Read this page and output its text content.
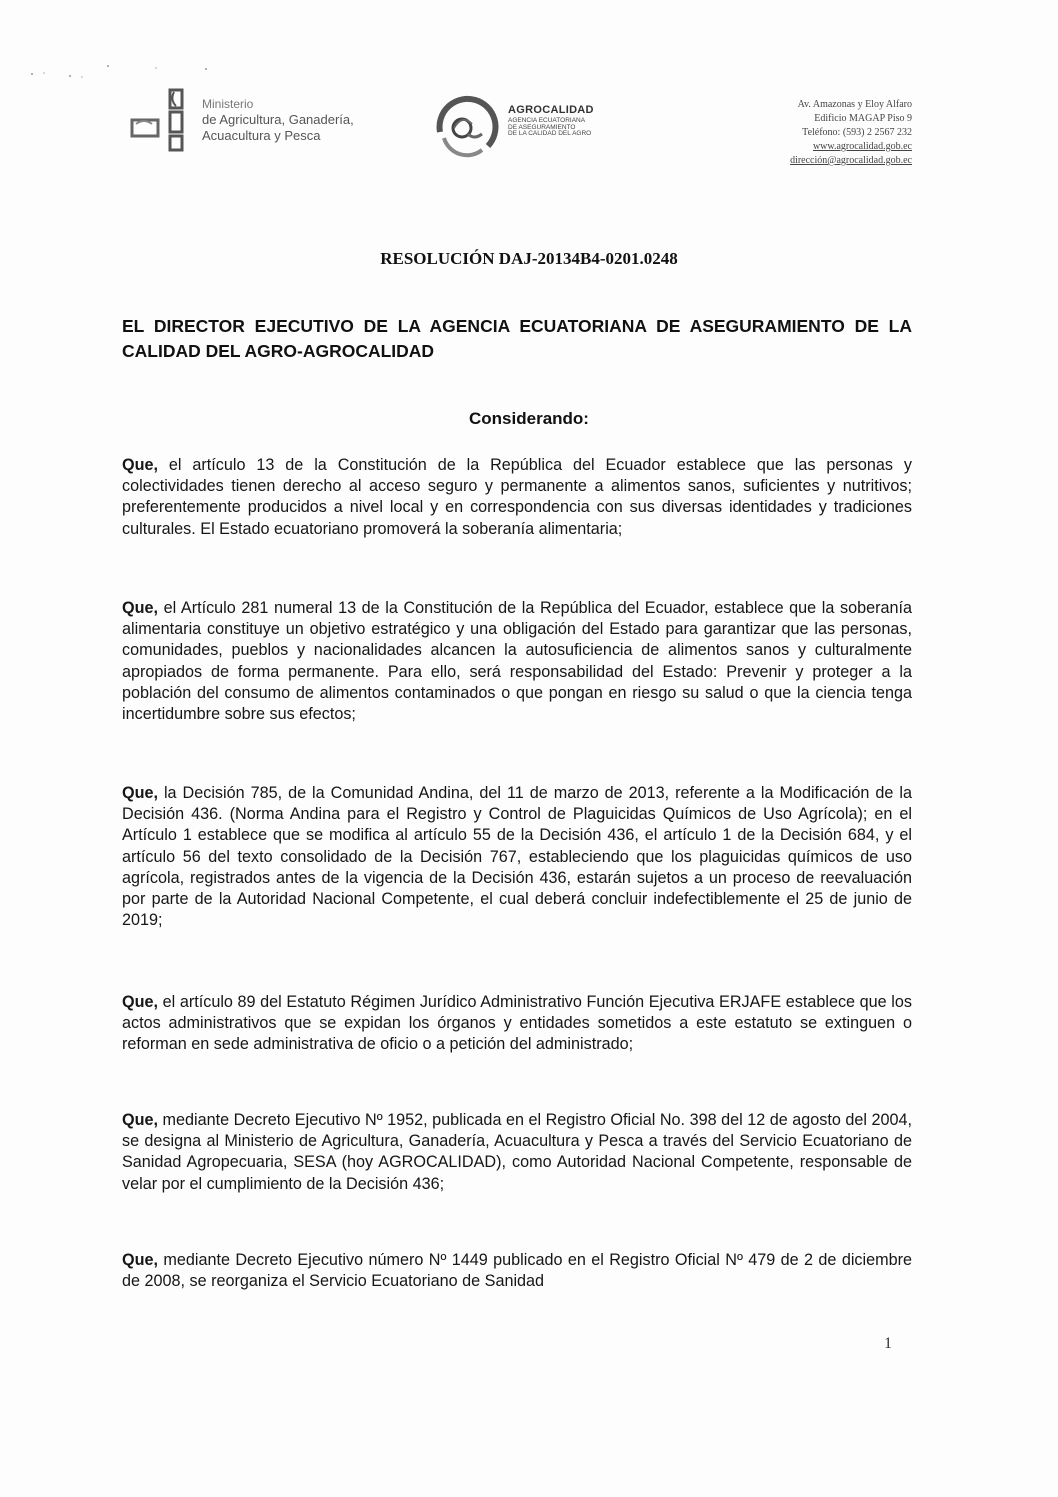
Ministerio
de Agricultura, Ganadería,
Acuacultura y Pesca
AGROCALIDAD
AGENCIA ECUATORIANA
DE ASEGURAMIENTO
DE LA CALIDAD DEL AGRO
Av. Amazonas y Eloy Alfaro
Edificio MAGAP Piso 9
Teléfono: (593) 2 2567 232
www.agrocalidad.gob.ec
dirección@agrocalidad.gob.ec
RESOLUCIÓN DAJ-20134B4-0201.0248
EL DIRECTOR EJECUTIVO DE LA AGENCIA ECUATORIANA DE ASEGURAMIENTO DE LA CALIDAD DEL AGRO-AGROCALIDAD
Considerando:
Que, el artículo 13 de la Constitución de la República del Ecuador establece que las personas y colectividades tienen derecho al acceso seguro y permanente a alimentos sanos, suficientes y nutritivos; preferentemente producidos a nivel local y en correspondencia con sus diversas identidades y tradiciones culturales. El Estado ecuatoriano promoverá la soberanía alimentaria;
Que, el Artículo 281 numeral 13 de la Constitución de la República del Ecuador, establece que la soberanía alimentaria constituye un objetivo estratégico y una obligación del Estado para garantizar que las personas, comunidades, pueblos y nacionalidades alcancen la autosuficiencia de alimentos sanos y culturalmente apropiados de forma permanente. Para ello, será responsabilidad del Estado: Prevenir y proteger a la población del consumo de alimentos contaminados o que pongan en riesgo su salud o que la ciencia tenga incertidumbre sobre sus efectos;
Que, la Decisión 785, de la Comunidad Andina, del 11 de marzo de 2013, referente a la Modificación de la Decisión 436. (Norma Andina para el Registro y Control de Plaguicidas Químicos de Uso Agrícola); en el Artículo 1 establece que se modifica al artículo 55 de la Decisión 436, el artículo 1 de la Decisión 684, y el artículo 56 del texto consolidado de la Decisión 767, estableciendo que los plaguicidas químicos de uso agrícola, registrados antes de la vigencia de la Decisión 436, estarán sujetos a un proceso de reevaluación por parte de la Autoridad Nacional Competente, el cual deberá concluir indefectiblemente el 25 de junio de 2019;
Que, el artículo 89 del Estatuto Régimen Jurídico Administrativo Función Ejecutiva ERJAFE establece que los actos administrativos que se expidan los órganos y entidades sometidos a este estatuto se extinguen o reforman en sede administrativa de oficio o a petición del administrado;
Que, mediante Decreto Ejecutivo Nº 1952, publicada en el Registro Oficial No. 398 del 12 de agosto del 2004, se designa al Ministerio de Agricultura, Ganadería, Acuacultura y Pesca a través del Servicio Ecuatoriano de Sanidad Agropecuaria, SESA (hoy AGROCALIDAD), como Autoridad Nacional Competente, responsable de velar por el cumplimiento de la Decisión 436;
Que, mediante Decreto Ejecutivo número Nº 1449 publicado en el Registro Oficial Nº 479 de 2 de diciembre de 2008, se reorganiza el Servicio Ecuatoriano de Sanidad
1
